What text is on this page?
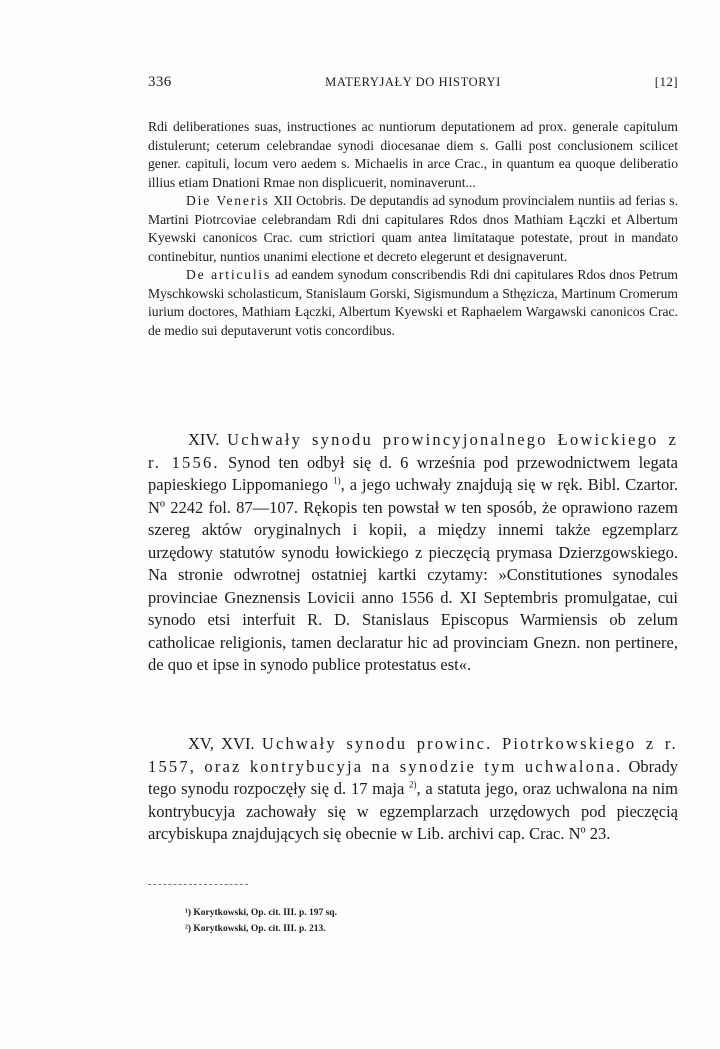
336	MATERYJAŁY DO HISTORYI	[12]

Rdi deliberationes suas, instructiones ac nuntiorum deputationem ad prox. generale capitulum distulerunt; ceterum celebrandae synodi diocesanae diem s. Galli post conclusionem scilicet gener. capituli, locum vero aedem s. Michaelis in arce Crac., in quantum ea quoque deliberatio illius etiam Dnationi Rmae non displicuerit, nominaverunt...

Die Veneris XII Octobris. De deputandis ad synodum provincialem nuntiis ad ferias s. Martini Piotrcoviae celebrandam Rdi dni capitulares Rdos dnos Mathiam Łączki et Albertum Kyewski canonicos Crac. cum strictiori quam antea limitataque potestate, prout in mandato continebitur, nuntios unanimi electione et decreto elegerunt et designaverunt.

De articulis ad eandem synodum conscribendis Rdi dni capitulares Rdos dnos Petrum Myschkowski scholasticum, Stanislaum Gorski, Sigismundum a Sthęzicza, Martinum Cromerum iurium doctores, Mathiam Łączki, Albertum Kyewski et Raphaelem Wargawski canonicos Crac. de medio sui deputaverunt votis concordibus.

XIV. Uchwały synodu prowincyjonalnego Łowickiego z r. 1556. Synod ten odbył się d. 6 września pod przewodnictwem legata papieskiego Lippomaniego $^{1)}$, a jego uchwały znajdują się w ręk. Bibl. Czartor. Nº 2242 fol. 87—107. Rękopis ten powstał w ten sposób, że oprawiono razem szereg aktów oryginalnych i kopii, a między innemi także egzemplarz urzędowy statutów synodu łowickiego z pieczęcią prymasa Dzierzgowskiego. Na stronie odwrotnej ostatniej kartki czytamy: »Constitutiones synodales provinciae Gneznensis Lovicii anno 1556 d. XI Septembris promulgatae, cui synodo etsi interfuit R. D. Stanislaus Episcopus Warmiensis ob zelum catholicae religionis, tamen declaratur hic ad provinciam Gnezn. non pertinere, de quo et ipse in synodo publice protestatus est«.

XV, XVI. Uchwały synodu prowinc. Piotrkowskiego z r. 1557, oraz kontrybucyja na synodzie tym uchwalona. Obrady tego synodu rozpoczęły się d. 17 maja $^{2)}$, a statuta jego, oraz uchwalona na nim kontrybucyja zachowały się w egzemplarzach urzędowych pod pieczęcią arcybiskupa znajdujących się obecnie w Lib. archivi cap. Crac. Nº 23.

¹) Korytkowski, Op. cit. III. p. 197 sq.
²) Korytkowski, Op. cit. III. p. 213.
